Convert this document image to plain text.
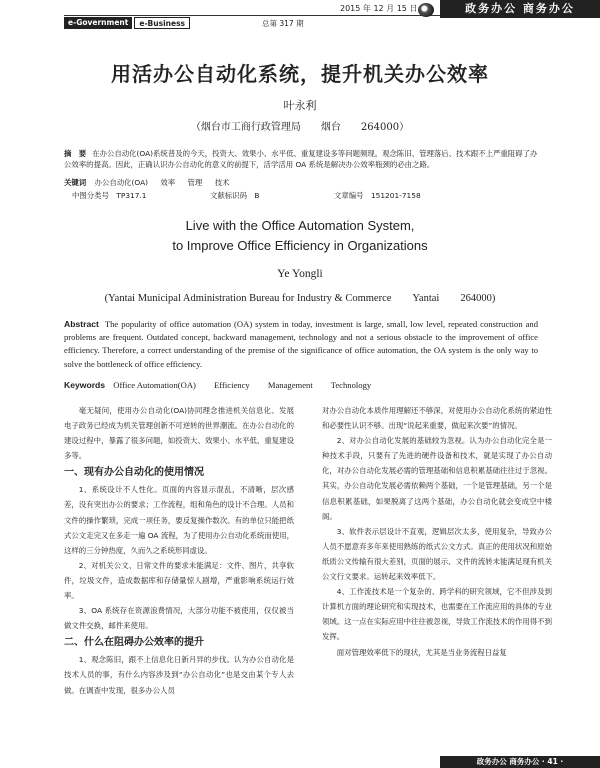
e-Government	e-Business	总第 317 期
2015 年 12 月 15 日	政务办公 商务办公
用活办公自动化系统，提升机关办公效率
叶永利
（烟台市工商行政管理局　　烟台　　264000）
摘　要 在办公自动化(OA)系统普及的今天，投资大、效果小、水平低、重复建设多等问题频现。观念陈旧、管理落后、技术跟不上严重阻碍了办公效率的提高。因此，正确认识办公自动化的意义的前提下，活学活用 OA 系统是解决办公效率瓶颈的必由之路。
关键词 办公自动化(OA) 效率 管理 技术
中图分类号　TP317.1	文献标识码　B	文章编号　151201-7158
Live with the Office Automation System,
to Improve Office Efficiency in Organizations
Ye Yongli
(Yantai Municipal Administration Bureau for Industry & Commerce　　Yantai　　264000)
Abstract The popularity of office automation (OA) system in today, investment is large, small, low level, repeated construction and problems are frequent. Outdated concept, backward management, technology and not a serious obstacle to the improvement of office efficiency. Therefore, a correct understanding of the premise of the significance of office automation, the OA system is the only way to solve the bottleneck of office efficiency.
Keywords Office Automation(OA) Efficiency Management Technology

毫无疑问，使用办公自动化(OA)协同理念推进机关信息化、发展电子政务已经成为机关管理创新不可逆转的世界潮流。在办公自动化的建设过程中，暴露了很多问题，如投资大、效果小、水平低、重复建设多等。

一、现有办公自动化的使用情况

1、系统设计不人性化。页面的内容显示混乱，不清晰，层次感差，没有突出办公的要求；工作流程，组和角色的设计不合理。人员和文件的操作繁琐，完成一项任务，要反复操作数次。有的单位只能把纸式公文走完又在多走一遍 OA 流程，为了使用办公自动化系统而使用，这样的三分钟热度，久而久之系统形同虚设。

2、对机关公文、日常文件的要求未能满足：文件、图片，共享软件，垃圾文件，造成数据库和存储量惊人剧增，严重影响系统运行效率。

3、OA 系统存在资源浪费情况，大部分功能不被使用，仅仅被当做文件交换，邮件来使用。

二、什么在阻碍办公效率的提升

1、观念陈旧，跟不上信息化日新月异的步伐。认为办公自动化是技术人员的事，有什么内容涉及到“办公自动化”也是交由某个专人去做。在调查中发现，很多办公人员

对办公自动化本质作用理解还不够深，对使用办公自动化系统的紧迫性和必要性认识不够。出现“说起来重要，做起来次要”的情况。

2、对办公自动化发展的基础较为忽视。认为办公自动化完全是一种技术手段，只要有了先进的硬件设备和技术，就是实现了办公自动化，对办公自动化发展必需的管理基础和信息积累基础往往过于忽视。其实，办公自动化发展必需依赖两个基础，一个是管理基础，另一个是信息积累基础，如果脱离了这两个基础，办公自动化就会变成空中楼阁。

3、软件表示层设计不直观，逻辑层次太多，使用复杂，导致办公人员不愿意弃多年来使用熟练的纸式公文方式。真正的使用状况和原始纸质公文传输有很大差别，页面的展示、文件的流转未能满足现有机关公文行文要求。运转起来效率低下。

4、工作流技术是一个复杂的、跨学科的研究领域，它不但涉及到计算机方面的理论研究和实现技术，也需要在工作流应用的具体的专业领域。这一点在实际应用中往往被忽视，导致工作流技术的作用得不到发挥。

面对管理效率低下的现状，尤其是当业务流程日益复

政务办公 商务办公 · 41 ·
